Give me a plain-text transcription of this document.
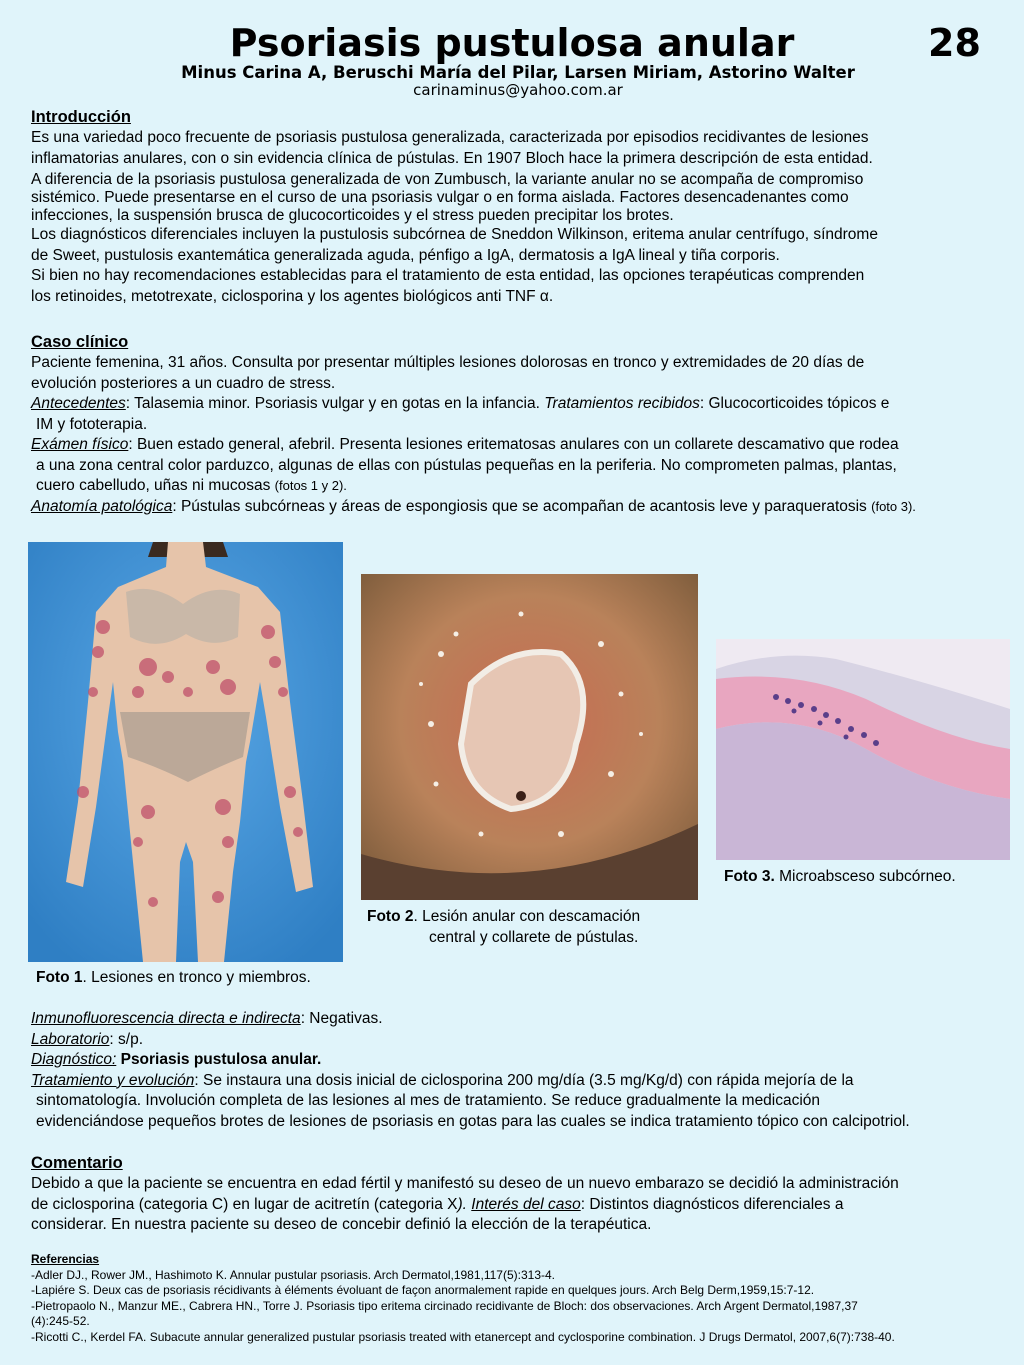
Psoriasis pustulosa anular	28
Minus Carina A, Beruschi María del Pilar, Larsen Miriam, Astorino Walter
carinaminus@yahoo.com.ar
Introducción
Es una variedad poco frecuente de psoriasis pustulosa generalizada, caracterizada por episodios recidivantes de lesiones
inflamatorias anulares, con o sin evidencia clínica de pústulas. En 1907 Bloch hace la primera descripción de esta entidad.
A diferencia de la psoriasis pustulosa generalizada de von Zumbusch, la variante anular no se acompaña de compromiso
sistémico. Puede presentarse en el curso de una psoriasis vulgar o en forma aislada. Factores desencadenantes como
infecciones, la suspensión brusca de glucocorticoides y el stress pueden precipitar los brotes.
Los diagnósticos diferenciales incluyen la pustulosis subcórnea de Sneddon Wilkinson, eritema anular centrífugo, síndrome
de Sweet, pustulosis exantemática generalizada aguda, pénfigo a IgA, dermatosis a IgA lineal y tiña corporis.
Si bien no hay recomendaciones establecidas para el tratamiento de esta entidad, las opciones terapéuticas comprenden
los retinoides, metotrexate, ciclosporina y los agentes biológicos anti TNF α.
Caso clínico
Paciente femenina, 31 años. Consulta por presentar múltiples lesiones dolorosas en tronco y extremidades de 20 días de
evolución posteriores a un cuadro de stress.
Antecedentes: Talasemia minor. Psoriasis vulgar y en gotas en la infancia. Tratamientos recibidos: Glucocorticoides tópicos e
IM y fototerapia.
Exámen físico: Buen estado general, afebril. Presenta lesiones eritematosas anulares con un collarete descamativo que rodea
a una zona central color parduzco, algunas de ellas con pústulas pequeñas en la periferia. No comprometen palmas, plantas,
cuero cabelludo, uñas ni mucosas (fotos 1 y 2).
Anatomía patológica: Pústulas subcórneas y áreas de espongiosis que se acompañan de acantosis leve y paraqueratosis (foto 3).
Foto 1. Lesiones en tronco y miembros.
Foto 2. Lesión anular con descamación
central y collarete de pústulas.
Foto 3. Microabsceso subcórneo.
Inmunofluorescencia directa e indirecta: Negativas.
Laboratorio: s/p.
Diagnóstico: Psoriasis pustulosa anular.
Tratamiento y evolución: Se instaura una dosis inicial de ciclosporina 200 mg/día (3.5 mg/Kg/d) con rápida mejoría de la
sintomatología. Involución completa de las lesiones al mes de tratamiento. Se reduce gradualmente la medicación
evidenciándose pequeños brotes de lesiones de psoriasis en gotas para las cuales se indica tratamiento tópico con calcipotriol.
Comentario
Debido a que la paciente se encuentra en edad fértil y manifestó su deseo de un nuevo embarazo se decidió la administración
de ciclosporina (categoria C) en lugar de acitretín (categoria X). Interés del caso: Distintos diagnósticos diferenciales a
considerar. En nuestra paciente su deseo de concebir definió la elección de la terapéutica.
Referencias
-Adler DJ., Rower JM., Hashimoto K. Annular pustular psoriasis. Arch Dermatol,1981,117(5):313-4.
-Lapiére S. Deux cas de psoriasis récidivants à éléments évoluant de façon anormalement rapide en quelques jours. Arch Belg Derm,1959,15:7-12.
-Pietropaolo N., Manzur ME., Cabrera HN., Torre J. Psoriasis tipo eritema circinado recidivante de Bloch: dos observaciones. Arch Argent Dermatol,1987,37
(4):245-52.
-Ricotti C., Kerdel FA. Subacute annular generalized pustular psoriasis treated with etanercept and cyclosporine combination. J Drugs Dermatol, 2007,6(7):738-40.
